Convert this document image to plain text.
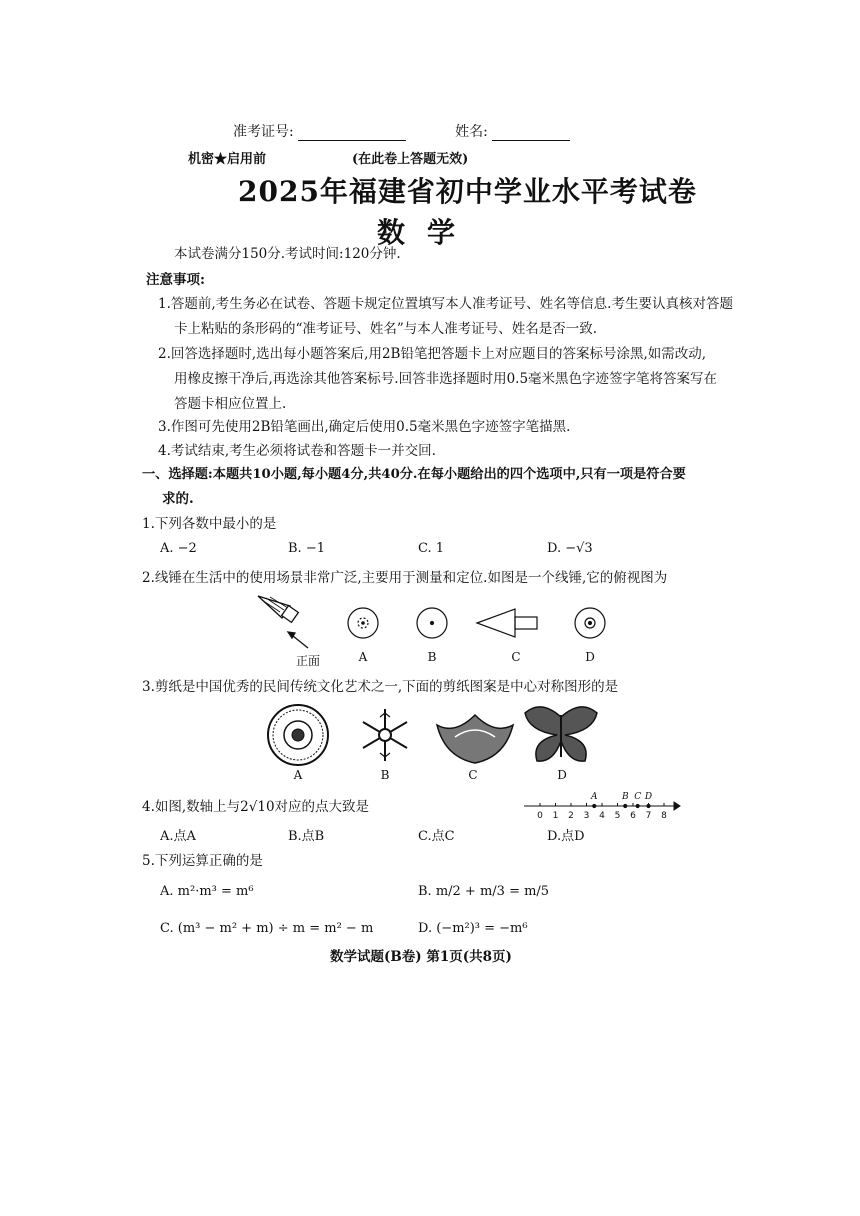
准考证号:	姓名:
机密★启用前	(在此卷上答题无效)
2025年福建省初中学业水平考试卷
数学
本试卷满分150分.考试时间:120分钟.
注意事项:
1.答题前,考生务必在试卷、答题卡规定位置填写本人准考证号、姓名等信息.考生要认真核对答题
卡上粘贴的条形码的“准考证号、姓名”与本人准考证号、姓名是否一致.
2.回答选择题时,选出每小题答案后,用2B铅笔把答题卡上对应题目的答案标号涂黑,如需改动,
用橡皮擦干净后,再选涂其他答案标号.回答非选择题时用0.5毫米黑色字迹签字笔将答案写在
答题卡相应位置上.
3.作图可先使用2B铅笔画出,确定后使用0.5毫米黑色字迹签字笔描黑.
4.考试结束,考生必须将试卷和答题卡一并交回.
一、选择题:本题共10小题,每小题4分,共40分.在每小题给出的四个选项中,只有一项是符合要
求的.
1.下列各数中最小的是
A. −2	B. −1	C. 1	D. −√3
2.线锤在生活中的使用场景非常广泛,主要用于测量和定位.如图是一个线锤,它的俯视图为
正面	A	B	C	D
3.剪纸是中国优秀的民间传统文化艺术之一,下面的剪纸图案是中心对称图形的是
A	B	C	D
4.如图,数轴上与2√10对应的点大致是
0 1 2 3 4 5 6 7 8
A	B C D
A.点A	B.点B	C.点C	D.点D
5.下列运算正确的是
A. m²·m³ = m⁶	B. m/2 + m/3 = m/5
C. (m³ − m² + m) ÷ m = m² − m	D. (−m²)³ = −m⁶
数学试题(B卷) 第1页(共8页)
